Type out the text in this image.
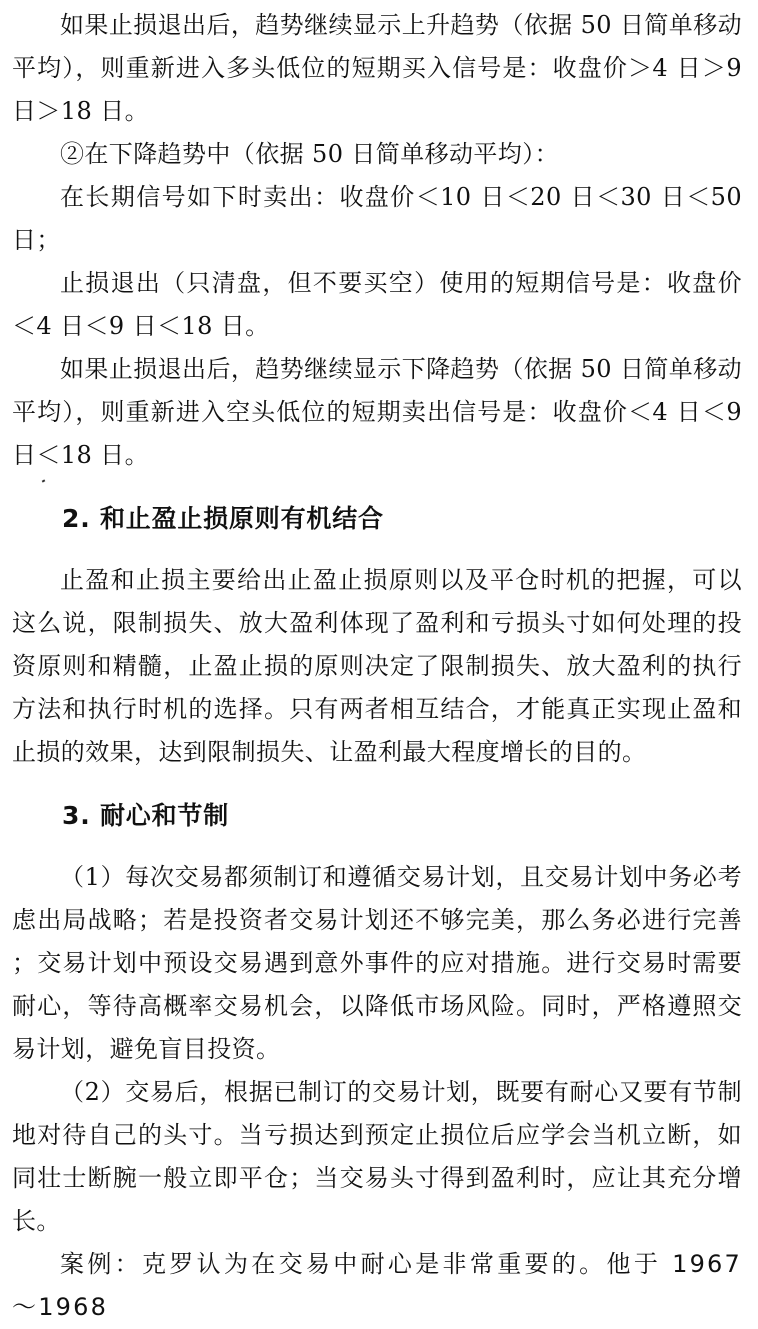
如果止损退出后，趋势继续显示上升趋势（依据 50 日简单移动平均），则重新进入多头低位的短期买入信号是：收盘价＞4 日＞9 日＞18 日。

②在下降趋势中（依据 50 日简单移动平均）：

在长期信号如下时卖出：收盘价＜10 日＜20 日＜30 日＜50 日；

止损退出（只清盘，但不要买空）使用的短期信号是：收盘价＜4 日＜9 日＜18 日。

如果止损退出后，趋势继续显示下降趋势（依据 50 日简单移动平均），则重新进入空头低位的短期卖出信号是：收盘价＜4 日＜9 日＜18 日。

2. 和止盈止损原则有机结合

止盈和止损主要给出止盈止损原则以及平仓时机的把握，可以这么说，限制损失、放大盈利体现了盈利和亏损头寸如何处理的投资原则和精髓，止盈止损的原则决定了限制损失、放大盈利的执行方法和执行时机的选择。只有两者相互结合，才能真正实现止盈和止损的效果，达到限制损失、让盈利最大程度增长的目的。

3. 耐心和节制

（1）每次交易都须制订和遵循交易计划，且交易计划中务必考虑出局战略；若是投资者交易计划还不够完美，那么务必进行完善；交易计划中预设交易遇到意外事件的应对措施。进行交易时需要耐心，等待高概率交易机会，以降低市场风险。同时，严格遵照交易计划，避免盲目投资。

（2）交易后，根据已制订的交易计划，既要有耐心又要有节制地对待自己的头寸。当亏损达到预定止损位后应学会当机立断，如同壮士断腕一般立即平仓；当交易头寸得到盈利时，应让其充分增长。

案例：克罗认为在交易中耐心是非常重要的。他于 1967～1968
